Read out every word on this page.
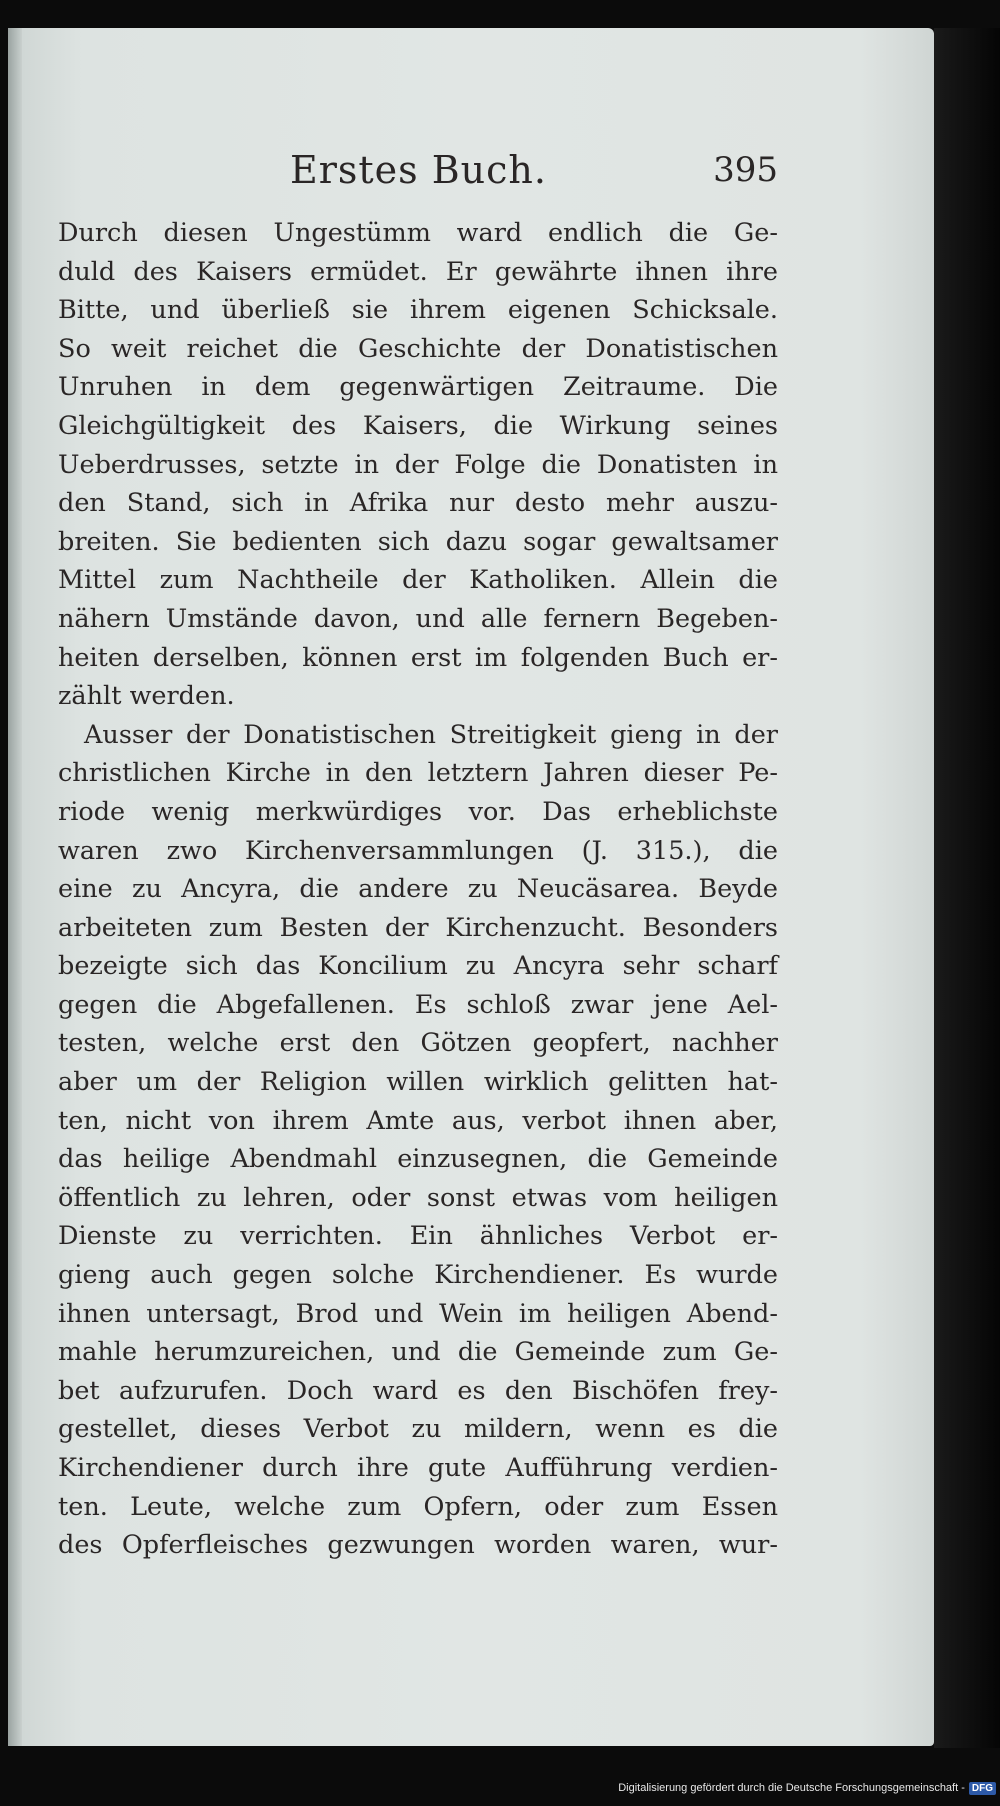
Erstes Buch.	395
Durch diesen Ungestümm ward endlich die Ge-
duld des Kaisers ermüdet. Er gewährte ihnen ihre
Bitte, und überließ sie ihrem eigenen Schicksale.
So weit reichet die Geschichte der Donatistischen
Unruhen in dem gegenwärtigen Zeitraume. Die
Gleichgültigkeit des Kaisers, die Wirkung seines
Ueberdrusses, setzte in der Folge die Donatisten in
den Stand, sich in Afrika nur desto mehr auszu-
breiten. Sie bedienten sich dazu sogar gewaltsamer
Mittel zum Nachtheile der Katholiken. Allein die
nähern Umstände davon, und alle fernern Begeben-
heiten derselben, können erst im folgenden Buch er-
zählt werden.
Ausser der Donatistischen Streitigkeit gieng in der
christlichen Kirche in den letztern Jahren dieser Pe-
riode wenig merkwürdiges vor. Das erheblichste
waren zwo Kirchenversammlungen (J. 315.), die
eine zu Ancyra, die andere zu Neucäsarea. Beyde
arbeiteten zum Besten der Kirchenzucht. Besonders
bezeigte sich das Koncilium zu Ancyra sehr scharf
gegen die Abgefallenen. Es schloß zwar jene Ael-
testen, welche erst den Götzen geopfert, nachher
aber um der Religion willen wirklich gelitten hat-
ten, nicht von ihrem Amte aus, verbot ihnen aber,
das heilige Abendmahl einzusegnen, die Gemeinde
öffentlich zu lehren, oder sonst etwas vom heiligen
Dienste zu verrichten. Ein ähnliches Verbot er-
gieng auch gegen solche Kirchendiener. Es wurde
ihnen untersagt, Brod und Wein im heiligen Abend-
mahle herumzureichen, und die Gemeinde zum Ge-
bet aufzurufen. Doch ward es den Bischöfen frey-
gestellet, dieses Verbot zu mildern, wenn es die
Kirchendiener durch ihre gute Aufführung verdien-
ten. Leute, welche zum Opfern, oder zum Essen
des Opferfleisches gezwungen worden waren, wur-
Digitalisierung gefördert durch die Deutsche Forschungsgemeinschaft - DFG
